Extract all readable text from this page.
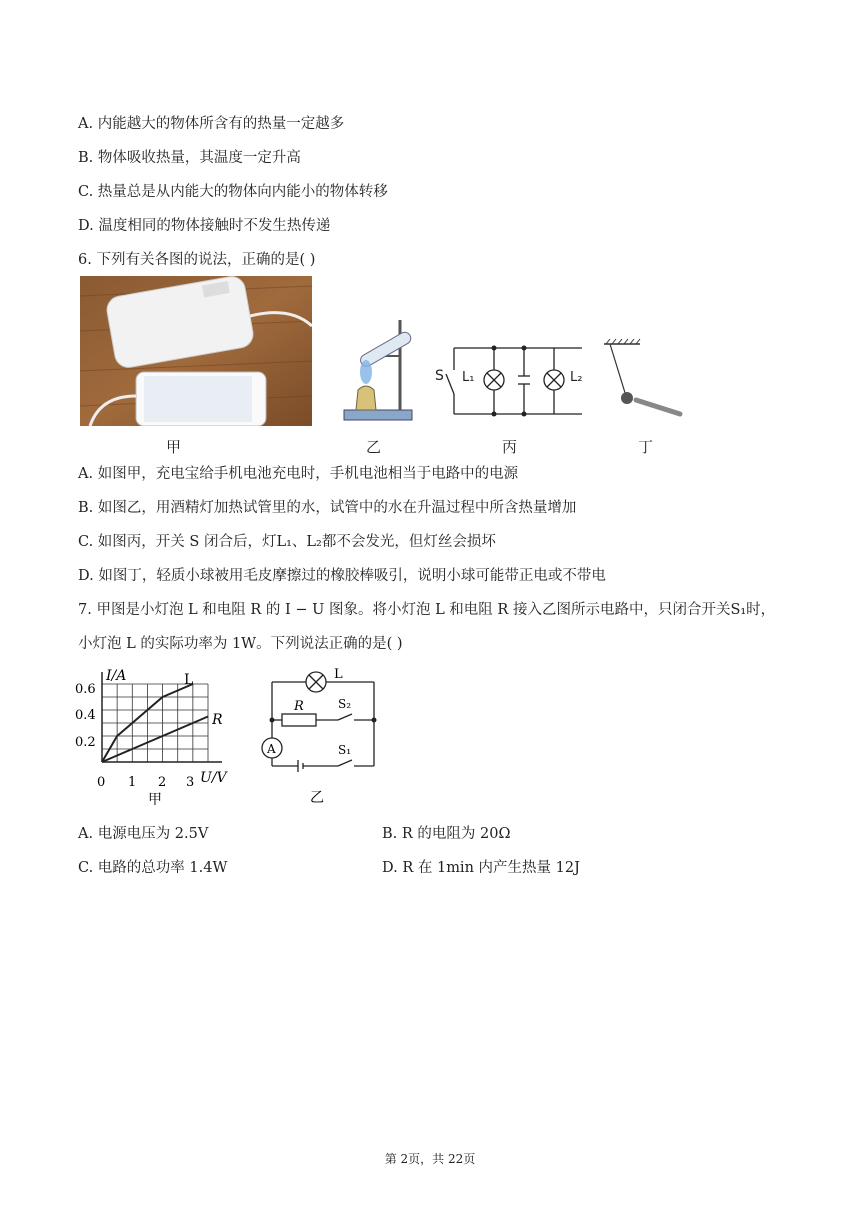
A. 内能越大的物体所含有的热量一定越多
B. 物体吸收热量，其温度一定升高
C. 热量总是从内能大的物体向内能小的物体转移
D. 温度相同的物体接触时不发生热传递
6. 下列有关各图的说法，正确的是( )
甲	乙
S L₁	L₂
丙	丁
A. 如图甲，充电宝给手机电池充电时，手机电池相当于电路中的电源
B. 如图乙，用酒精灯加热试管里的水，试管中的水在升温过程中所含热量增加
C. 如图丙，开关 S 闭合后，灯L₁、L₂都不会发光，但灯丝会损坏
D. 如图丁，轻质小球被用毛皮摩擦过的橡胶棒吸引，说明小球可能带正电或不带电
7. 甲图是小灯泡 L 和电阻 R 的 I − U 图象。将小灯泡 L 和电阻 R 接入乙图所示电路中，只闭合开关S₁时，
小灯泡 L 的实际功率为 1W。下列说法正确的是( )
I/A
U/V
0.6
0.4
0.2
0 1 2 3
L
R
甲
L
R	S₂
A	S₁
乙
A. 电源电压为 2.5V	B. R 的电阻为 20Ω
C. 电路的总功率 1.4W	D. R 在 1min 内产生热量 12J
第 2页，共 22页
